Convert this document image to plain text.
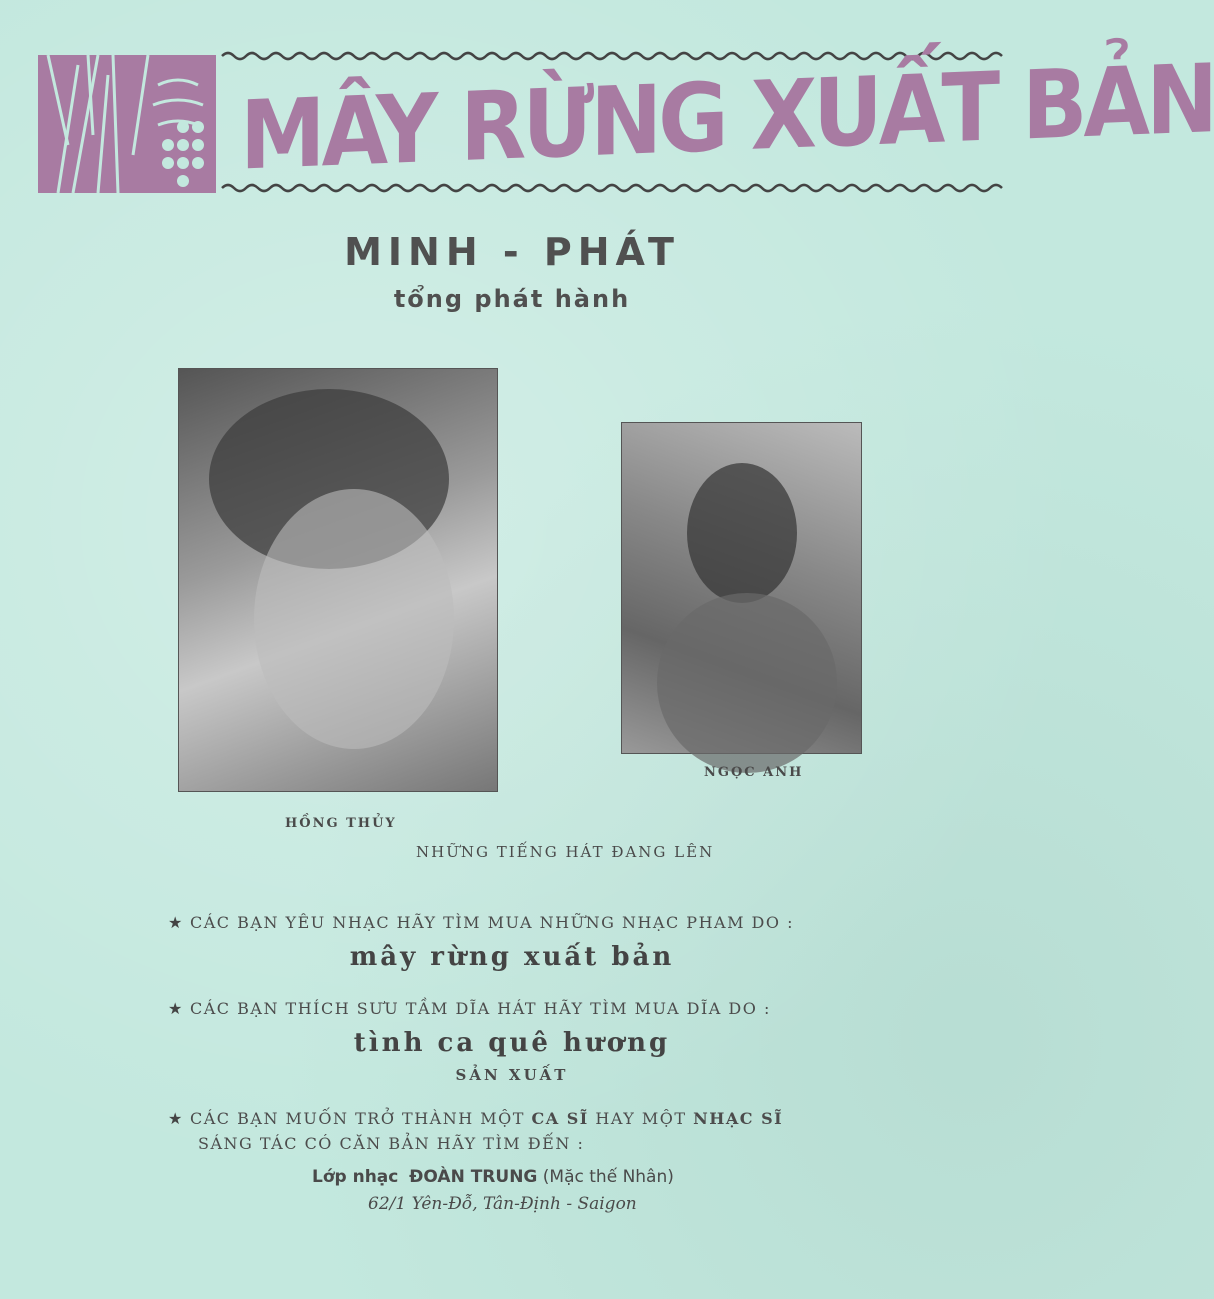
MÂY RỪNG XUẤT BẢN
MINH - PHÁT
tổng phát hành
HỒNG THỦY
NGỌC ANH
NHỮNG TIẾNG HÁT ĐANG LÊN
★ CÁC BẠN YÊU NHẠC HÃY TÌM MUA NHỮNG NHẠC PHAM DO :
mây rừng xuất bản
★ CÁC BẠN THÍCH SƯU TẦM DĨA HÁT HÃY TÌM MUA DĨA DO :
tình ca quê hương
SẢN XUẤT
★ CÁC BẠN MUỐN TRỞ THÀNH MỘT CA SĨ HAY MỘT NHẠC SĨ
SÁNG TÁC CÓ CĂN BẢN HÃY TÌM ĐẾN :
Lớp nhạc ĐOÀN TRUNG (Mặc thế Nhân)
62/1 Yên-Đỗ, Tân-Định - Saigon
